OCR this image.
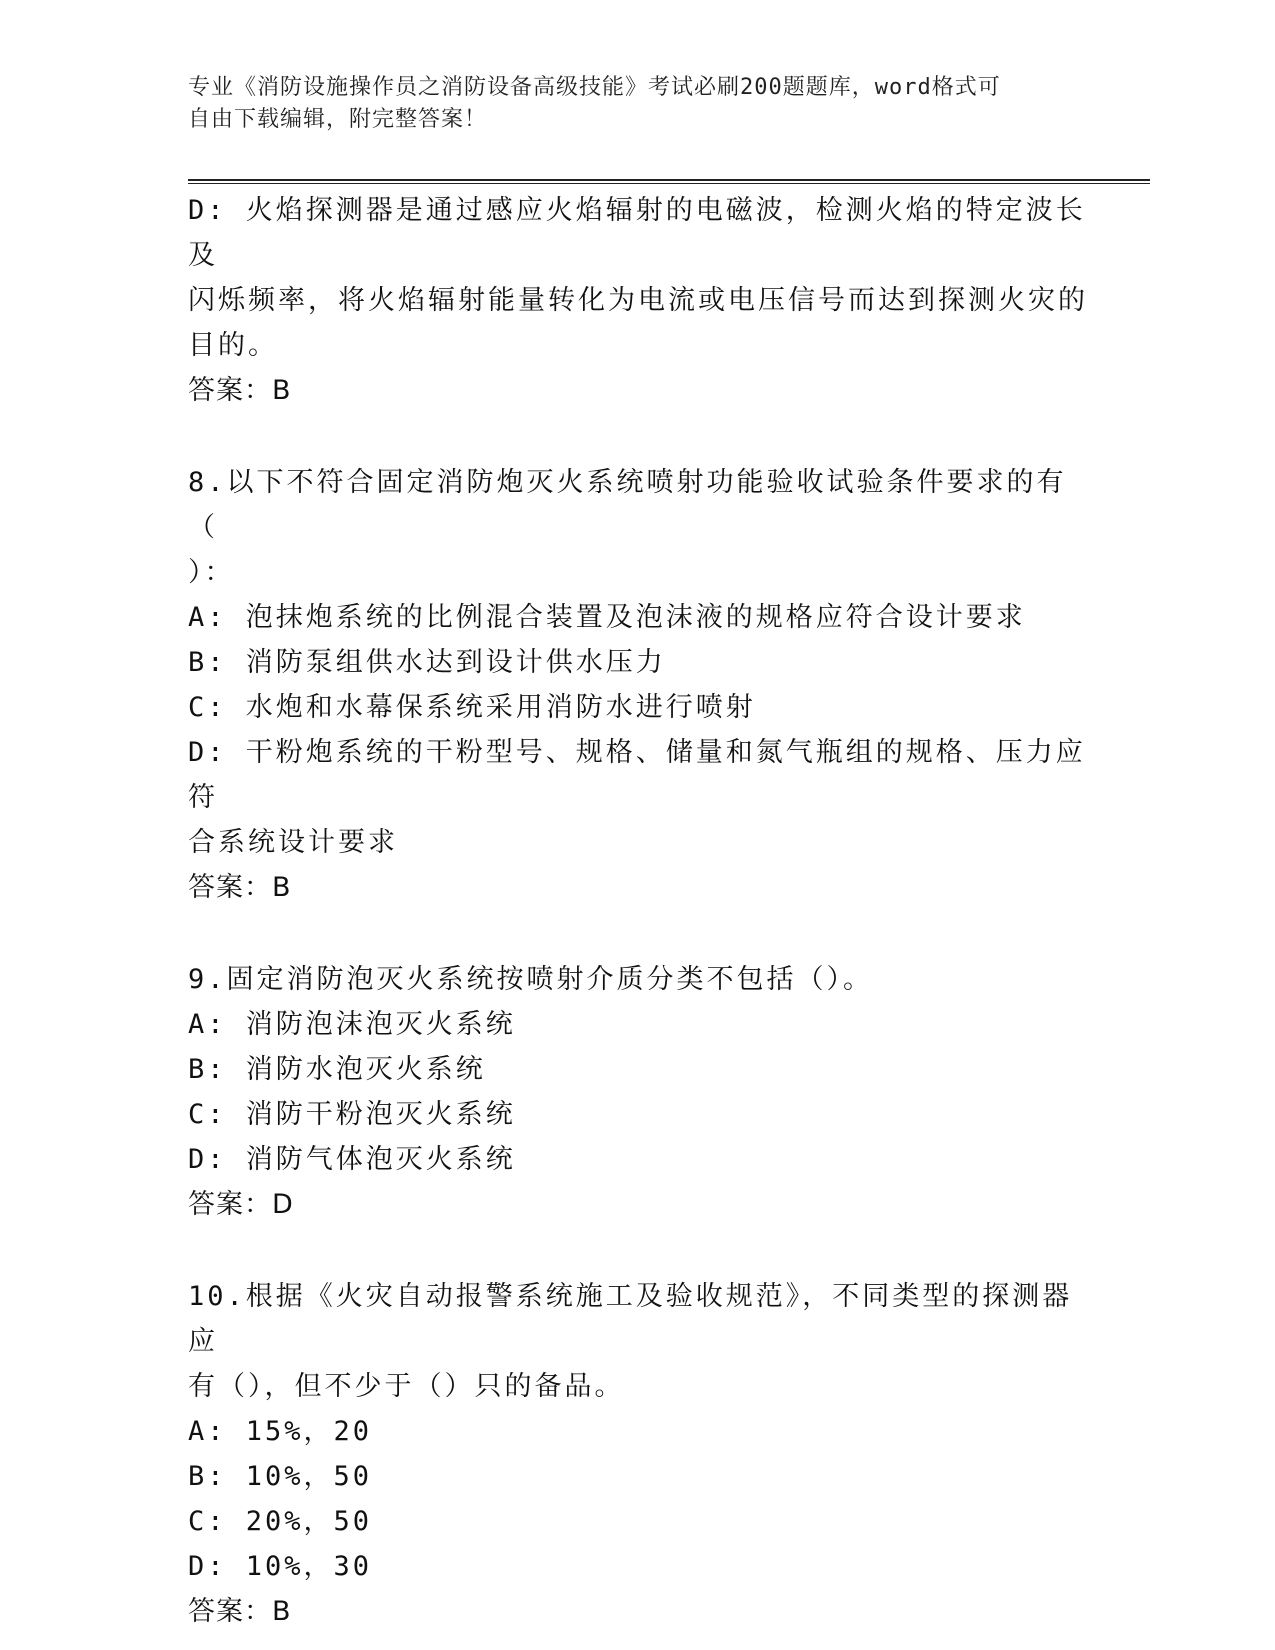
专业《消防设施操作员之消防设备高级技能》考试必刷200题题库，word格式可
自由下载编辑，附完整答案！
D: 火焰探测器是通过感应火焰辐射的电磁波，检测火焰的特定波长及
闪烁频率，将火焰辐射能量转化为电流或电压信号而达到探测火灾的
目的。
答案：B
8.以下不符合固定消防炮灭火系统喷射功能验收试验条件要求的有（
）：
A: 泡抹炮系统的比例混合装置及泡沫液的规格应符合设计要求
B: 消防泵组供水达到设计供水压力
C: 水炮和水幕保系统采用消防水进行喷射
D: 干粉炮系统的干粉型号、规格、储量和氮气瓶组的规格、压力应符
合系统设计要求
答案：B
9.固定消防泡灭火系统按喷射介质分类不包括（）。
A: 消防泡沫泡灭火系统
B: 消防水泡灭火系统
C: 消防干粉泡灭火系统
D: 消防气体泡灭火系统
答案：D
10.根据《火灾自动报警系统施工及验收规范》，不同类型的探测器应
有（），但不少于（）只的备品。
A: 15%，20
B: 10%，50
C: 20%，50
D: 10%，30
答案：B
